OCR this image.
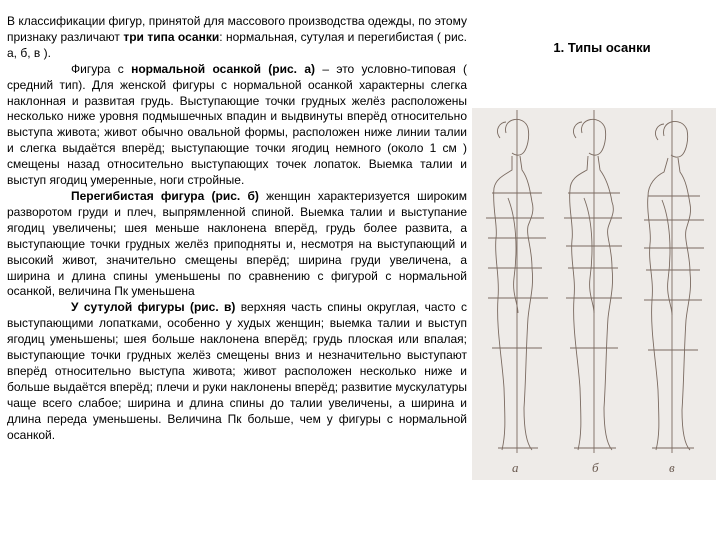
В классификации фигур, принятой для массового производства одежды, по этому признаку различают три типа осанки: нормальная, сутулая и перегибистая ( рис. а, б, в ).

Фигура с нормальной осанкой (рис. а) – это условно-типовая ( средний тип). Для женской фигуры с нормальной осанкой характерны слегка наклонная и развитая грудь. Выступающие точки грудных желёз расположены несколько ниже уровня подмышечных впадин и выдвинуты вперёд относительно выступа живота; живот обычно овальной формы, расположен ниже линии талии и слегка выдаётся вперёд; выступающие точки ягодиц немного (около 1 см ) смещены назад относительно выступающих точек лопаток. Выемка талии и выступ ягодиц умеренные, ноги стройные.

Перегибистая фигура (рис. б) женщин характеризуется широким разворотом груди и плеч, выпрямленной спиной. Выемка талии и выступание ягодиц увеличены; шея меньше наклонена вперёд, грудь более развита, а выступающие точки грудных желёз приподняты и, несмотря на выступающий и высокий живот, значительно смещены вперёд; ширина груди увеличена, а ширина и длина спины уменьшены по сравнению с фигурой с нормальной осанкой, величина Пк уменьшена

У сутулой фигуры (рис. в) верхняя часть спины округлая, часто с выступающими лопатками, особенно у худых женщин; выемка талии и выступ ягодиц уменьшены; шея больше наклонена вперёд; грудь плоская или впалая; выступающие точки грудных желёз смещены вниз и незначительно выступают вперёд относительно выступа живота; живот расположен несколько ниже и больше выдаётся вперёд; плечи и руки наклонены вперёд; развитие мускулатуры чаще всего слабое; ширина и длина спины до талии увеличены, а ширина и длина переда уменьшены. Величина Пк больше, чем у фигуры с нормальной осанкой.

1. Типы осанки
а	б	в
